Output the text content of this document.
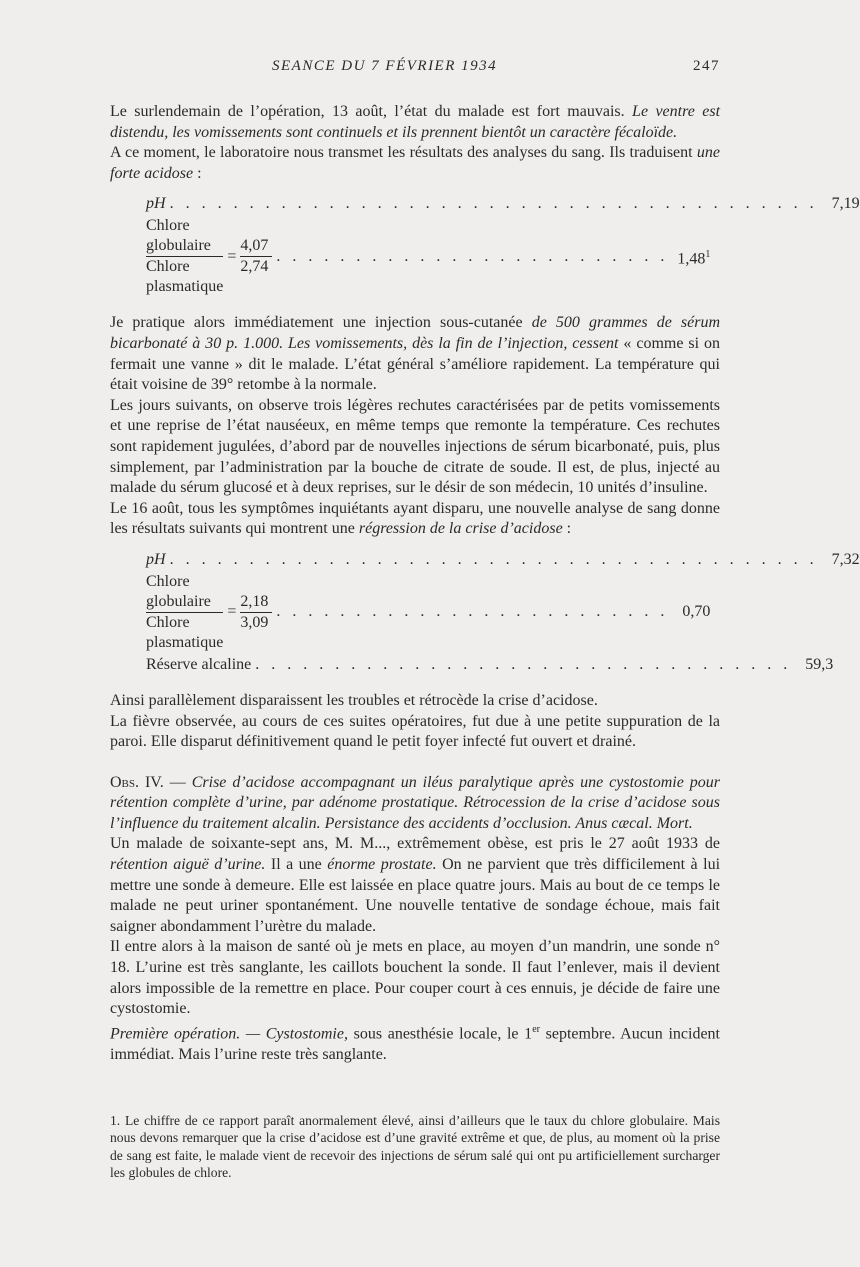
SEANCE DU 7 FÉVRIER 1934	247

Le surlendemain de l’opération, 13 août, l’état du malade est fort mauvais. Le ventre est distendu, les vomissements sont continuels et ils prennent bientôt un caractère fécaloïde.

A ce moment, le laboratoire nous transmet les résultats des analyses du sang. Ils traduisent une forte acidose :

pH . . . . . . . . . . . . . . . . . . . . . . . . . . . . . . . . . . . . . . . . . 7,19
Chlore globulaire
Chlore plasmatique
= $\frac{4,07}{2,74}$ . . . . . . . . . . . . . . . . . . . . . . . . . 1,48$^1$

Je pratique alors immédiatement une injection sous-cutanée de 500 grammes de sérum bicarbonaté à 30 p. 1.000. Les vomissements, dès la fin de l’injection, cessent « comme si on fermait une vanne » dit le malade. L’état général s’améliore rapidement. La température qui était voisine de 39° retombe à la normale.

Les jours suivants, on observe trois légères rechutes caractérisées par de petits vomissements et une reprise de l’état nauséeux, en même temps que remonte la température. Ces rechutes sont rapidement jugulées, d’abord par de nouvelles injections de sérum bicarbonaté, puis, plus simplement, par l’administration par la bouche de citrate de soude. Il est, de plus, injecté au malade du sérum glucosé et à deux reprises, sur le désir de son médecin, 10 unités d’insuline.

Le 16 août, tous les symptômes inquiétants ayant disparu, une nouvelle analyse de sang donne les résultats suivants qui montrent une régression de la crise d’acidose :

pH . . . . . . . . . . . . . . . . . . . . . . . . . . . . . . . . . . . . . . . . . 7,32
Chlore globulaire
Chlore plasmatique
= $\frac{2,18}{3,09}$ . . . . . . . . . . . . . . . . . . . . . . . . . 0,70
Réserve alcaline . . . . . . . . . . . . . . . . . . . . . . . . . . . . . . . . . . 59,3

Ainsi parallèlement disparaissent les troubles et rétrocède la crise d’acidose.

La fièvre observée, au cours de ces suites opératoires, fut due à une petite suppuration de la paroi. Elle disparut définitivement quand le petit foyer infecté fut ouvert et drainé.

Obs. IV. — Crise d’acidose accompagnant un iléus paralytique après une cystostomie pour rétention complète d’urine, par adénome prostatique. Rétrocession de la crise d’acidose sous l’influence du traitement alcalin. Persistance des accidents d’occlusion. Anus cæcal. Mort.

Un malade de soixante-sept ans, M. M..., extrêmement obèse, est pris le 27 août 1933 de rétention aiguë d’urine. Il a une énorme prostate. On ne parvient que très difficilement à lui mettre une sonde à demeure. Elle est laissée en place quatre jours. Mais au bout de ce temps le malade ne peut uriner spontanément. Une nouvelle tentative de sondage échoue, mais fait saigner abondamment l’urètre du malade.

Il entre alors à la maison de santé où je mets en place, au moyen d’un mandrin, une sonde n° 18. L’urine est très sanglante, les caillots bouchent la sonde. Il faut l’enlever, mais il devient alors impossible de la remettre en place. Pour couper court à ces ennuis, je décide de faire une cystostomie.

Première opération. — Cystostomie, sous anesthésie locale, le 1er septembre. Aucun incident immédiat. Mais l’urine reste très sanglante.

1. Le chiffre de ce rapport paraît anormalement élevé, ainsi d’ailleurs que le taux du chlore globulaire. Mais nous devons remarquer que la crise d’acidose est d’une gravité extrême et que, de plus, au moment où la prise de sang est faite, le malade vient de recevoir des injections de sérum salé qui ont pu artificiellement surcharger les globules de chlore.
